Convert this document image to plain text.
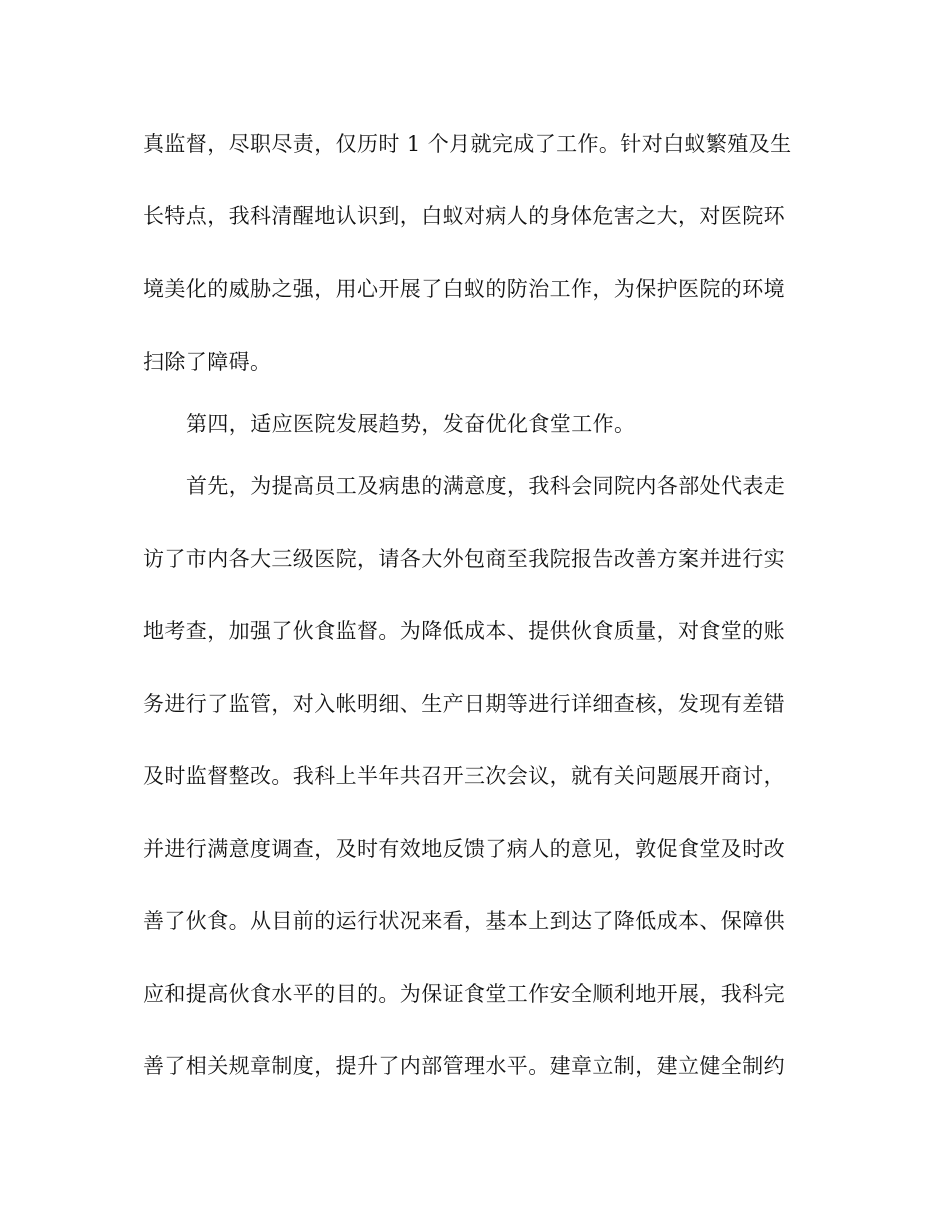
真监督，尽职尽责，仅历时 1 个月就完成了工作。针对白蚁繁殖及生
长特点，我科清醒地认识到，白蚁对病人的身体危害之大，对医院环
境美化的威胁之强，用心开展了白蚁的防治工作，为保护医院的环境
扫除了障碍。
第四，适应医院发展趋势，发奋优化食堂工作。
首先，为提高员工及病患的满意度，我科会同院内各部处代表走
访了市内各大三级医院，请各大外包商至我院报告改善方案并进行实
地考查，加强了伙食监督。为降低成本、提供伙食质量，对食堂的账
务进行了监管，对入帐明细、生产日期等进行详细查核，发现有差错
及时监督整改。我科上半年共召开三次会议，就有关问题展开商讨，
并进行满意度调查，及时有效地反馈了病人的意见，敦促食堂及时改
善了伙食。从目前的运行状况来看，基本上到达了降低成本、保障供
应和提高伙食水平的目的。为保证食堂工作安全顺利地开展，我科完
善了相关规章制度，提升了内部管理水平。建章立制，建立健全制约
